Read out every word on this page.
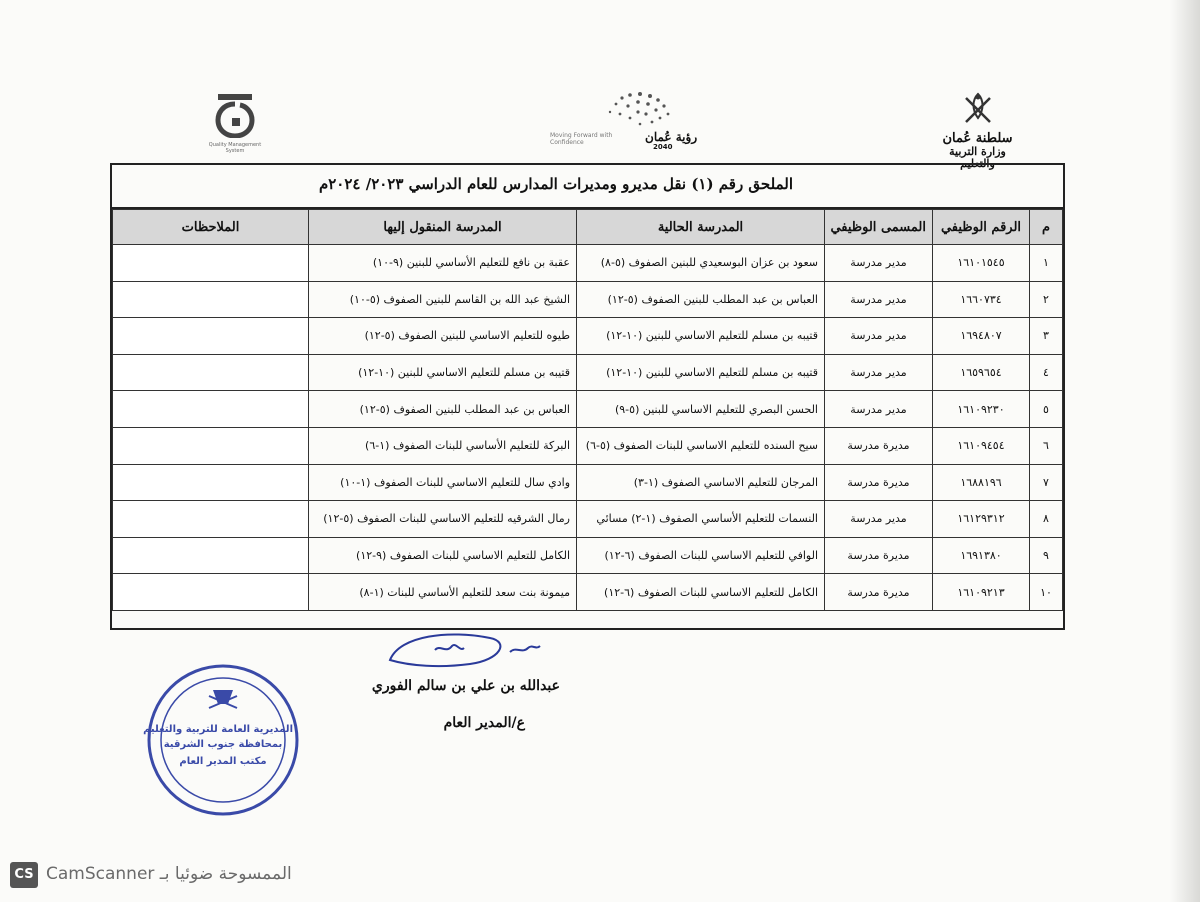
سلطنة عُمان
وزارة التربية والتعليم
Moving Forward with Confidence	رؤية عُمان
2040
Quality Management System
الملحق رقم (١) نقل مديرو ومديرات المدارس للعام الدراسي ٢٠٢٣/ ٢٠٢٤م
م	الرقم الوظيفي	المسمى الوظيفي	المدرسة الحالية	المدرسة المنقول إليها	الملاحظات
١	١٦١٠١٥٤٥	مدير مدرسة	سعود بن عزان البوسعيدي للبنين الصفوف (٥-٨)	عقبة بن نافع للتعليم الأساسي للبنين (٩-١٠)	
٢	١٦٦٠٧٣٤	مدير مدرسة	العباس بن عبد المطلب للبنين الصفوف (٥-١٢)	الشيخ عبد الله بن القاسم للبنين الصفوف (٥-١٠)	
٣	١٦٩٤٨٠٧	مدير مدرسة	قتيبه بن مسلم للتعليم الاساسي للبنين (١٠-١٢)	طيوه للتعليم الاساسي للبنين الصفوف (٥-١٢)	
٤	١٦٥٩٦٥٤	مدير مدرسة	قتيبه بن مسلم للتعليم الاساسي للبنين (١٠-١٢)	قتيبه بن مسلم للتعليم الاساسي للبنين (١٠-١٢)	
٥	١٦١٠٩٢٣٠	مدير مدرسة	الحسن البصري للتعليم الاساسي للبنين (٥-٩)	العباس بن عبد المطلب للبنين الصفوف (٥-١٢)	
٦	١٦١٠٩٤٥٤	مديرة مدرسة	سيح السنده للتعليم الاساسي للبنات الصفوف (٥-٦)	البركة للتعليم الأساسي للبنات الصفوف (١-٦)	
٧	١٦٨٨١٩٦	مديرة مدرسة	المرجان للتعليم الاساسي الصفوف (١-٣)	وادي سال للتعليم الاساسي للبنات الصفوف (١-١٠)	
٨	١٦١٢٩٣١٢	مدير مدرسة	النسمات للتعليم الأساسي الصفوف (١-٢) مسائي	رمال الشرقيه للتعليم الاساسي للبنات الصفوف (٥-١٢)	
٩	١٦٩١٣٨٠	مديرة مدرسة	الوافي للتعليم الاساسي للبنات الصفوف (٦-١٢)	الكامل للتعليم الاساسي للبنات الصفوف (٩-١٢)	
١٠	١٦١٠٩٢١٣	مديرة مدرسة	الكامل للتعليم الاساسي للبنات الصفوف (٦-١٢)	ميمونة بنت سعد للتعليم الأساسي للبنات (١-٨)	
عبدالله بن علي بن سالم الفوري
ع/المدير العام
المديرية العامة للتربية والتعليم
بمحافظة جنوب الشرقية
مكتب المدير العام
CS الممسوحة ضوئيا بـ CamScanner
